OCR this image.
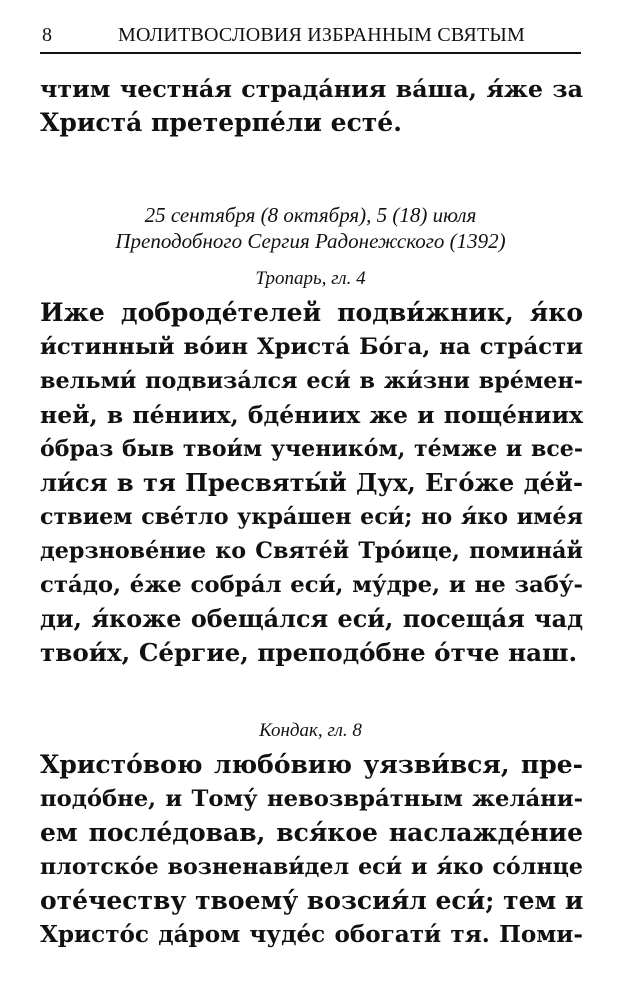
8	МОЛИТВОСЛОВИЯ ИЗБРАННЫМ СВЯТЫМ
чтим честна́я страда́ния ва́ша, я́же за
Христа́ претерпе́ли есте́.
25 сентября (8 октября), 5 (18) июля
Преподобного Сергия Радонежского (1392)
Тропарь, гл. 4
Иже доброде́телей подви́жник, я́ко
и́стинный во́ин Христа́ Бо́га, на стра́сти
вельми́ подвиза́лся еси́ в жи́зни вре́мен-
ней, в пе́ниих, бде́ниих же и поще́ниих
о́браз быв твои́м ученико́м, те́мже и все-
ли́ся в тя Пресвяты́й Дух, Его́же де́й-
ствием све́тло укра́шен еси́; но я́ко име́я
дерзнове́ние ко Святе́й Тро́ице, помина́й
ста́до, е́же собра́л еси́, му́дре, и не забу́-
ди, я́коже обеща́лся еси́, посеща́я чад
твои́х, Се́ргие, преподо́бне о́тче наш.
Кондак, гл. 8
Христо́вою любо́вию уязви́вся, пре-
подо́бне, и Тому́ невозвра́тным жела́ни-
ем после́довав, вся́кое наслажде́ние
плотско́е возненави́дел еси́ и я́ко со́лнце
оте́честву твоему́ возсия́л еси́; тем и
Христо́с да́ром чуде́с обогати́ тя. Поми-
